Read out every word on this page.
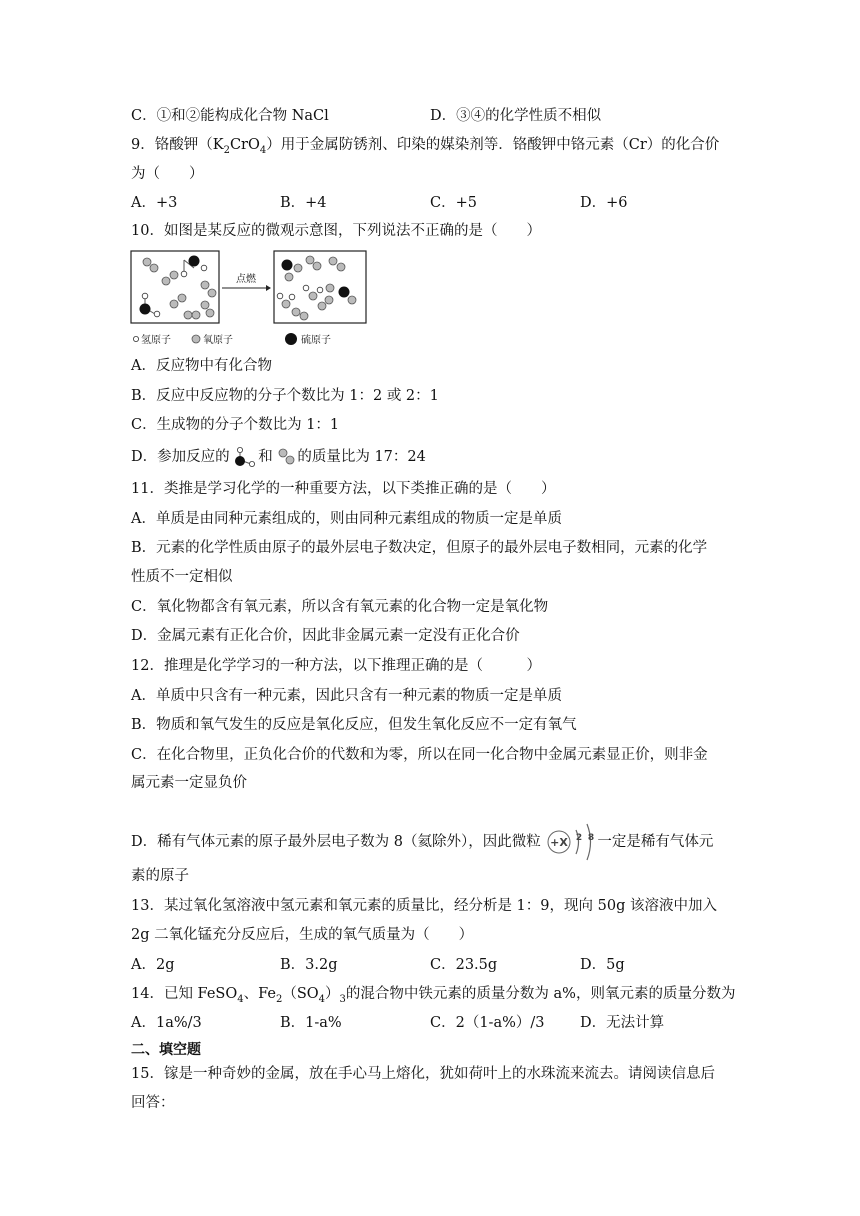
C．①和②能构成化合物 NaCl	D．③④的化学性质不相似
9．铬酸钾$(K_2CrO_4)$用于金属防锈剂、印染的媒染剂等．铬酸钾中铬元素（Cr）的化合价
为（　　）
A．+3	B．+4	C．+5	D．+6
10．如图是某反应的微观示意图，下列说法不正确的是（　　）
点燃
氢原子	氧原子	硫原子
A．反应物中有化合物
B．反应中反应物的分子个数比为 1：2 或 2：1
C．生成物的分子个数比为 1：1
D．参加反应的 和 的质量比为 17：24
11．类推是学习化学的一种重要方法，以下类推正确的是（　　）
A．单质是由同种元素组成的，则由同种元素组成的物质一定是单质
B．元素的化学性质由原子的最外层电子数决定，但原子的最外层电子数相同，元素的化学
性质不一定相似
C．氧化物都含有氧元素，所以含有氧元素的化合物一定是氧化物
D．金属元素有正化合价，因此非金属元素一定没有正化合价
12．推理是化学学习的一种方法，以下推理正确的是（　　　）
A．单质中只含有一种元素，因此只含有一种元素的物质一定是单质
B．物质和氧气发生的反应是氧化反应，但发生氧化反应不一定有氧气
C．在化合物里，正负化合价的代数和为零，所以在同一化合物中金属元素显正价，则非金
属元素一定显负价
D．稀有气体元素的原子最外层电子数为 8（氦除外），因此微粒 +X 2 8 一定是稀有气体元
素的原子
13．某过氧化氢溶液中氢元素和氧元素的质量比，经分析是 1：9，现向 50g 该溶液中加入
2g 二氧化锰充分反应后，生成的氧气质量为（　　）
A．2g	B．3.2g	C．23.5g	D．5g
14．已知 FeSO$_4$、$Fe_2(SO_4)_3$的混合物中铁元素的质量分数为 a%，则氧元素的质量分数为
A．1a%/3	B．1-a%	C．2（1-a%）/3 D．无法计算
二、填空题
15．镓是一种奇妙的金属，放在手心马上熔化，犹如荷叶上的水珠流来流去。请阅读信息后
回答：
